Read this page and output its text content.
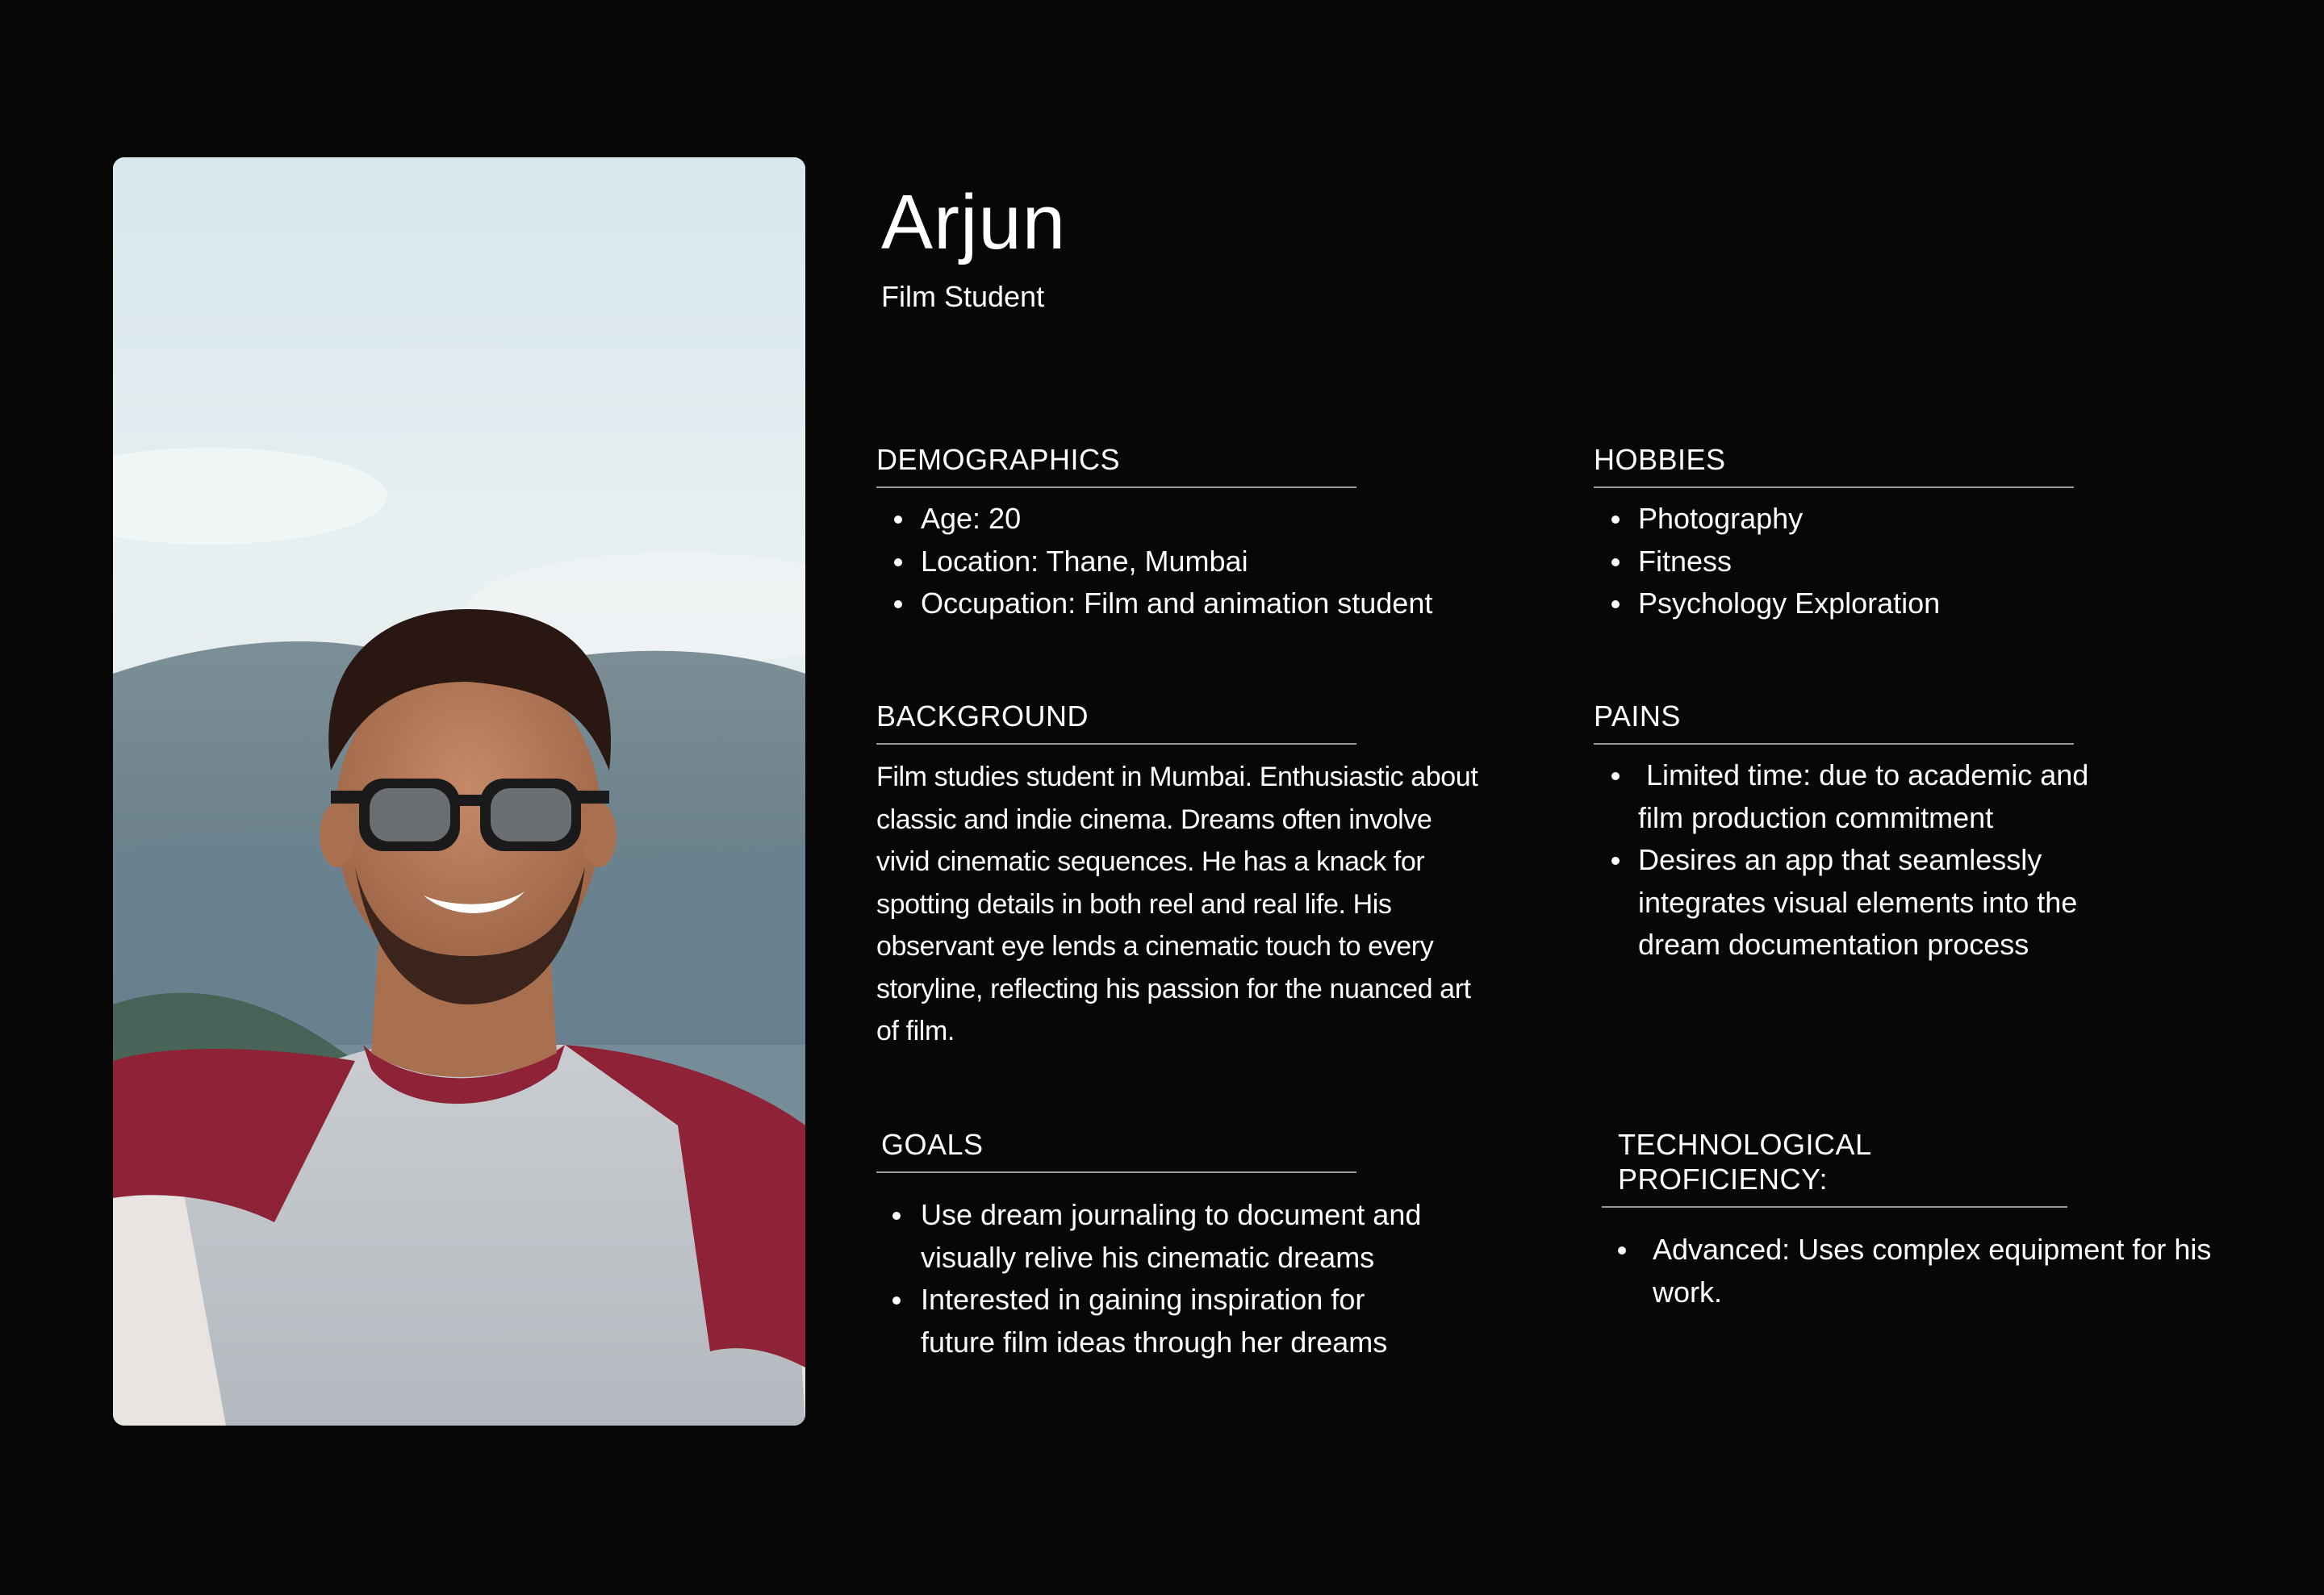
Arjun
Film Student
DEMOGRAPHICS
Age: 20
Location: Thane, Mumbai
Occupation: Film and animation student
HOBBIES
Photography
Fitness
Psychology Exploration
BACKGROUND

Film studies student in Mumbai. Enthusiastic about classic and indie cinema. Dreams often involve vivid cinematic sequences. He has a knack for spotting details in both reel and real life. His observant eye lends a cinematic touch to every storyline, reflecting his passion for the nuanced art of film.

PAINS
Limited time: due to academic and film production commitment
Desires an app that seamlessly integrates visual elements into the dream documentation process
GOALS
Use dream journaling to document and visually relive his cinematic dreams
Interested in gaining inspiration for future film ideas through her dreams
TECHNOLOGICAL PROFICIENCY:
Advanced: Uses complex equipment for his work.
